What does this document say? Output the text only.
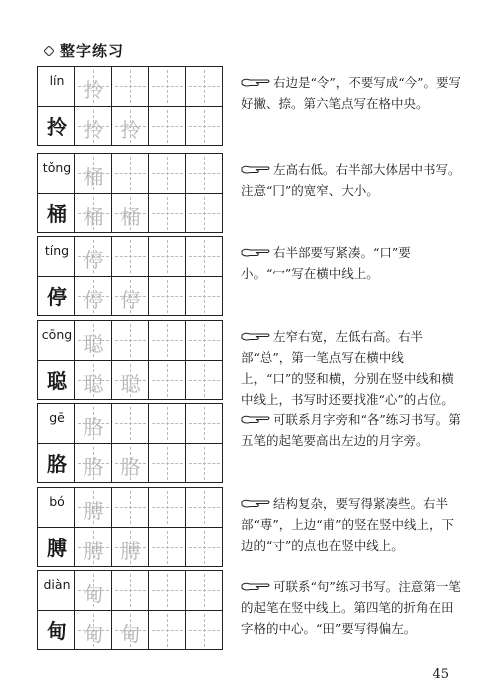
整字练习
lín
拎
拎
拎 拎
右边是“令”，不要写成“今”。要写好撇、捺。第六笔点写在格中央。
tǒng
桶
桶
桶 桶
左高右低。右半部大体居中书写。注意“冂”的宽窄、大小。
tíng
停
停
停 停
右半部要写紧凑。“口”要小。“冖”写在横中线上。
cōng
聪
聪
聪 聪
左窄右宽，左低右高。右半部“总”，第一笔点写在横中线上，“口”的竖和横，分别在竖中线和横中线上，书写时还要找准“心”的占位。
gē
胳
胳
胳 胳
可联系月字旁和“各”练习书写。第五笔的起笔要高出左边的月字旁。
bó
膊
膊
膊 膊
结构复杂，要写得紧凑些。右半部“尃”，上边“甫”的竖在竖中线上，下边的“寸”的点也在竖中线上。
diàn
甸
甸
甸 甸
可联系“句”练习书写。注意第一笔的起笔在竖中线上。第四笔的折角在田字格的中心。“田”要写得偏左。
45
